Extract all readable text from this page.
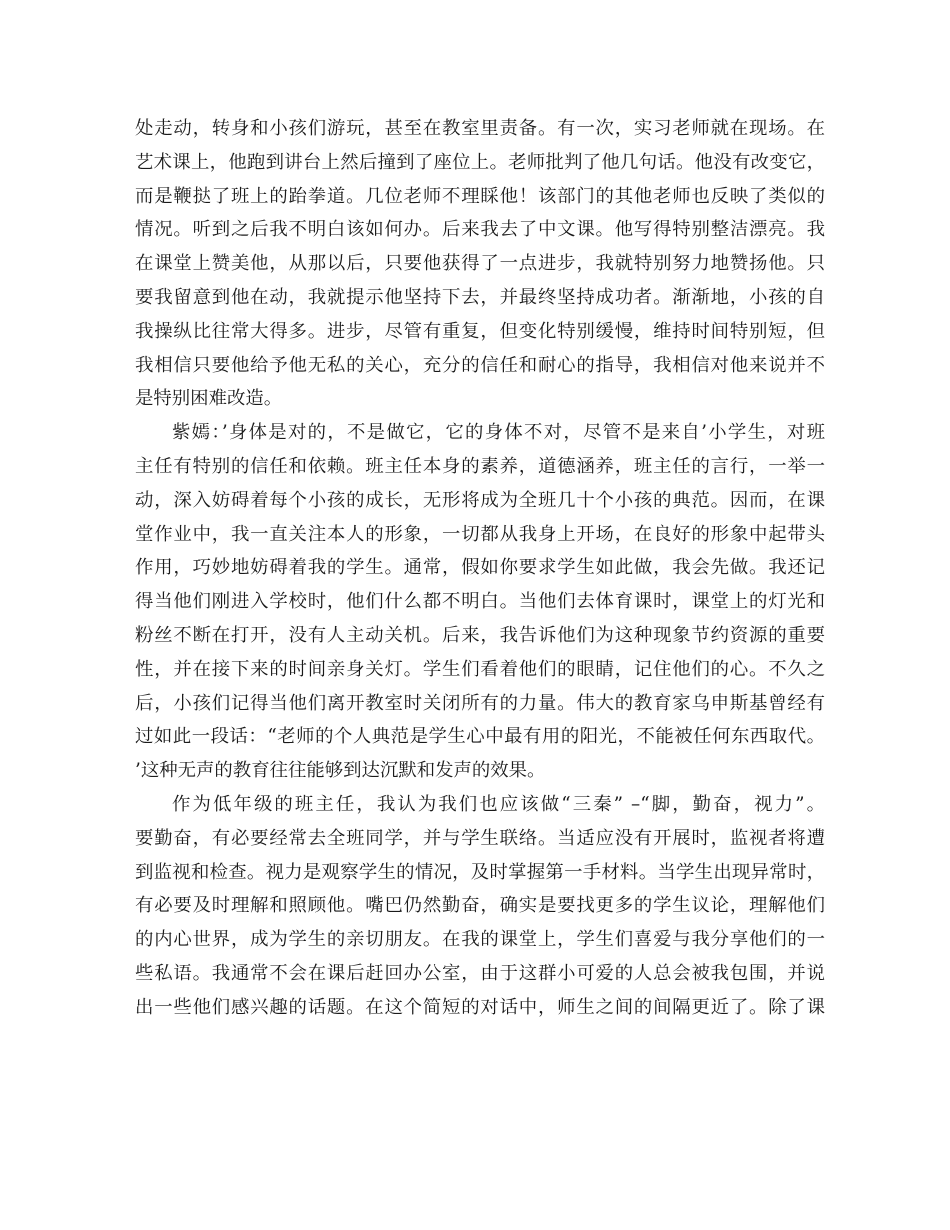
处走动，转身和小孩们游玩，甚至在教室里责备。有一次，实习老师就在现场。在
艺术课上，他跑到讲台上然后撞到了座位上。老师批判了他几句话。他没有改变它，
而是鞭挞了班上的跆拳道。几位老师不理睬他！该部门的其他老师也反映了类似的
情况。听到之后我不明白该如何办。后来我去了中文课。他写得特别整洁漂亮。我
在课堂上赞美他，从那以后，只要他获得了一点进步，我就特别努力地赞扬他。只
要我留意到他在动，我就提示他坚持下去，并最终坚持成功者。渐渐地，小孩的自
我操纵比往常大得多。进步，尽管有重复，但变化特别缓慢，维持时间特别短，但
我相信只要他给予他无私的关心，充分的信任和耐心的指导，我相信对他来说并不
是特别困难改造。
紫嫣：’身体是对的，不是做它，它的身体不对，尽管不是来自’小学生，对班
主任有特别的信任和依赖。班主任本身的素养，道德涵养，班主任的言行，一举一
动，深入妨碍着每个小孩的成长，无形将成为全班几十个小孩的典范。因而，在课
堂作业中，我一直关注本人的形象，一切都从我身上开场，在良好的形象中起带头
作用，巧妙地妨碍着我的学生。通常，假如你要求学生如此做，我会先做。我还记
得当他们刚进入学校时，他们什么都不明白。当他们去体育课时，课堂上的灯光和
粉丝不断在打开，没有人主动关机。后来，我告诉他们为这种现象节约资源的重要
性，并在接下来的时间亲身关灯。学生们看着他们的眼睛，记住他们的心。不久之
后，小孩们记得当他们离开教室时关闭所有的力量。伟大的教育家乌申斯基曾经有
过如此一段话：“老师的个人典范是学生心中最有用的阳光，不能被任何东西取代。
’这种无声的教育往往能够到达沉默和发声的效果。
作为低年级的班主任，我认为我们也应该做“三秦” –“脚，勤奋，视力”。
要勤奋，有必要经常去全班同学，并与学生联络。当适应没有开展时，监视者将遭
到监视和检查。视力是观察学生的情况，及时掌握第一手材料。当学生出现异常时，
有必要及时理解和照顾他。嘴巴仍然勤奋，确实是要找更多的学生议论，理解他们
的内心世界，成为学生的亲切朋友。在我的课堂上，学生们喜爱与我分享他们的一
些私语。我通常不会在课后赶回办公室，由于这群小可爱的人总会被我包围，并说
出一些他们感兴趣的话题。在这个简短的对话中，师生之间的间隔更近了。除了课
